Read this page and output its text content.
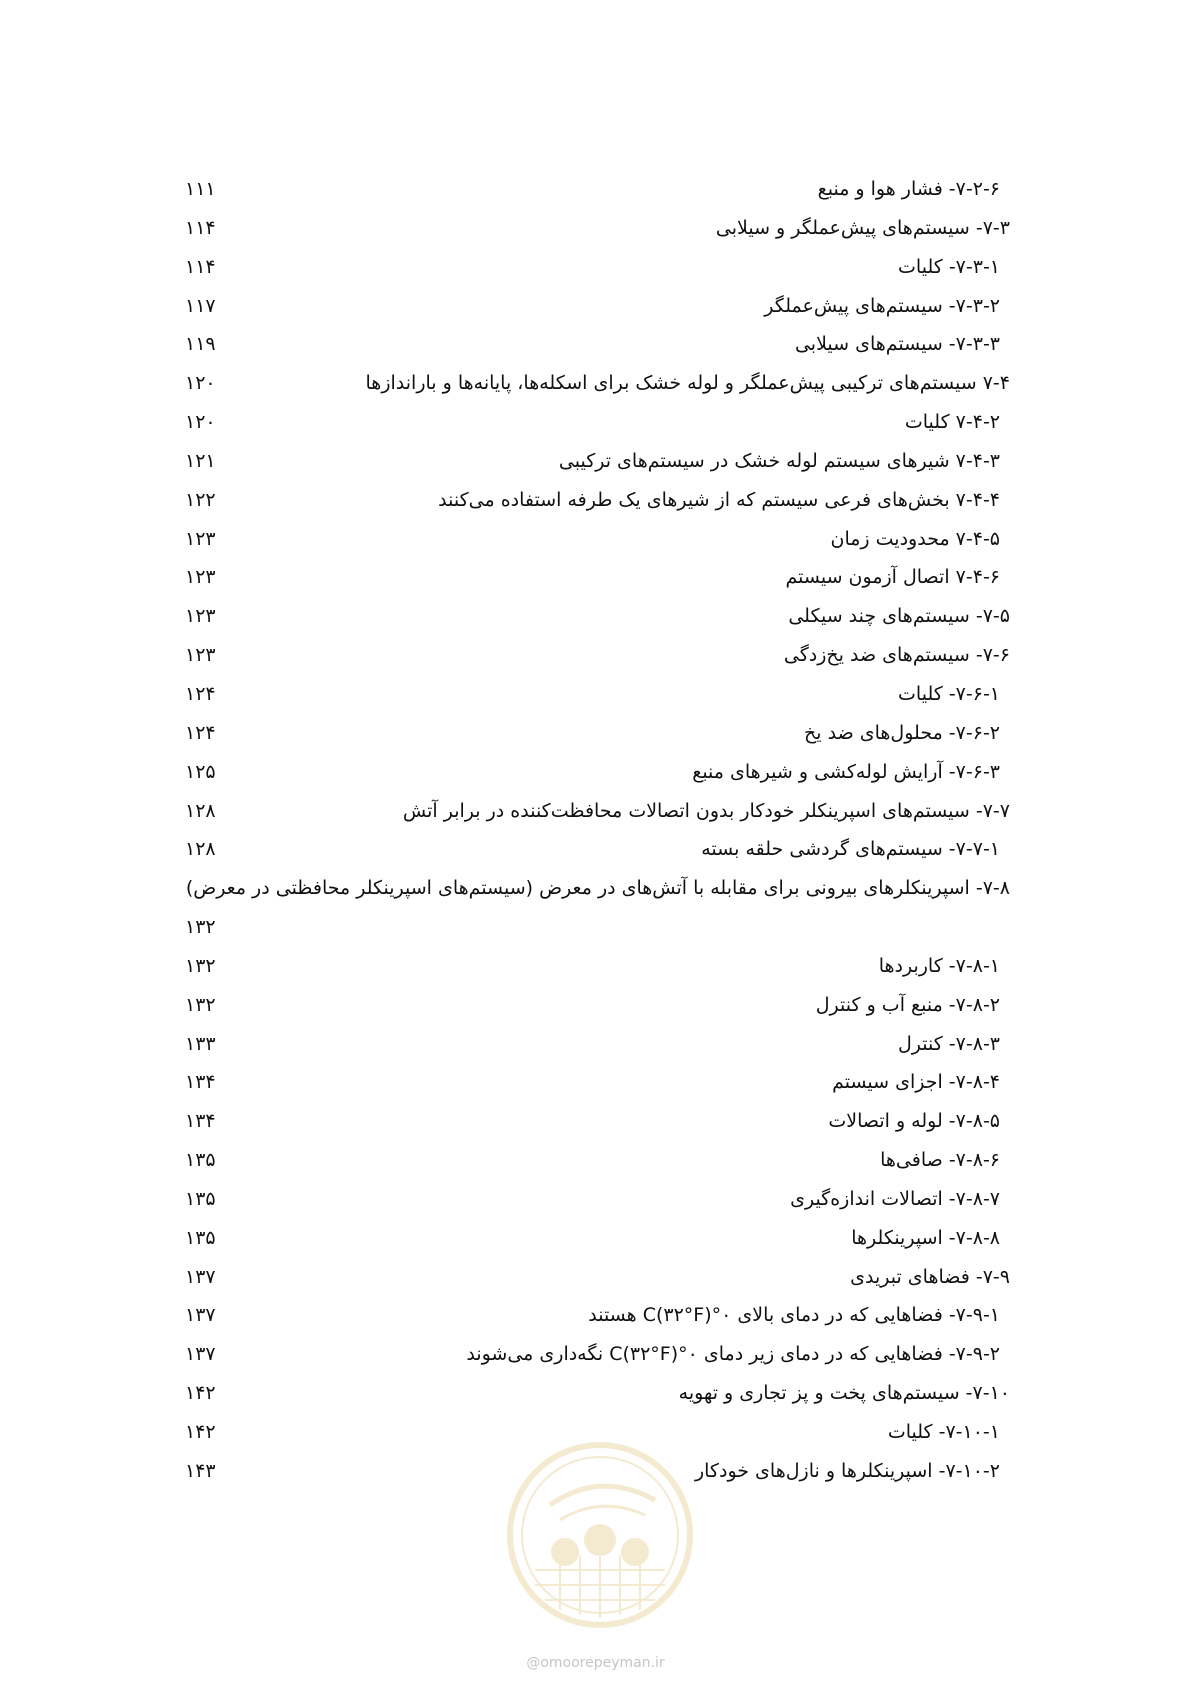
۷-۲-۶- فشار هوا و منبع
۱۱۱
۷-۳- سیستم‌های پیش‌عملگر و سیلابی
۱۱۴
۷-۳-۱- کلیات
۱۱۴
۷-۳-۲- سیستم‌های پیش‌عملگر
۱۱۷
۷-۳-۳- سیستم‌های سیلابی
۱۱۹
۷-۴ سیستم‌های ترکیبی پیش‌عملگر و لوله خشک برای اسکله‌ها، پایانه‌ها و باراندازها
۱۲۰
۷-۴-۲ کلیات
۱۲۰
۷-۴-۳ شیرهای سیستم لوله خشک در سیستم‌های ترکیبی
۱۲۱
۷-۴-۴ بخش‌های فرعی سیستم که از شیرهای یک طرفه استفاده می‌کنند
۱۲۲
۷-۴-۵ محدودیت زمان
۱۲۳
۷-۴-۶ اتصال آزمون سیستم
۱۲۳
۷-۵- سیستم‌های چند سیکلی
۱۲۳
۷-۶- سیستم‌های ضد یخ‌زدگی
۱۲۳
۷-۶-۱- کلیات
۱۲۴
۷-۶-۲- محلول‌های ضد یخ
۱۲۴
۷-۶-۳- آرایش لوله‌کشی و شیرهای منبع
۱۲۵
۷-۷- سیستم‌های اسپرینکلر خودکار بدون اتصالات محافظت‌کننده در برابر آتش
۱۲۸
۷-۷-۱- سیستم‌های گردشی حلقه بسته
۱۲۸
۷-۸- اسپرینکلرهای بیرونی برای مقابله با آتش‌های در معرض (سیستم‌های اسپرینکلر محافظتی در معرض)
۱۳۲
۷-۸-۱- کاربردها
۱۳۲
۷-۸-۲- منبع آب و کنترل
۱۳۲
۷-۸-۳- کنترل
۱۳۳
۷-۸-۴- اجزای سیستم
۱۳۴
۷-۸-۵- لوله و اتصالات
۱۳۴
۷-۸-۶- صافی‌ها
۱۳۵
۷-۸-۷- اتصالات اندازه‌گیری
۱۳۵
۷-۸-۸- اسپرینکلرها
۱۳۵
۷-۹- فضاهای تبریدی
۱۳۷
۷-۹-۱- فضاهایی که در دمای بالای ۰°C(۳۲°F) هستند
۱۳۷
۷-۹-۲- فضاهایی که در دمای زیر دمای ۰°C(۳۲°F) نگه‌داری می‌شوند
۱۳۷
۷-۱۰- سیستم‌های پخت و پز تجاری و تهویه
۱۴۲
۷-۱۰-۱- کلیات
۱۴۲
۷-۱۰-۲- اسپرینکلرها و نازل‌های خودکار
۱۴۳
@omoorepeyman.ir
